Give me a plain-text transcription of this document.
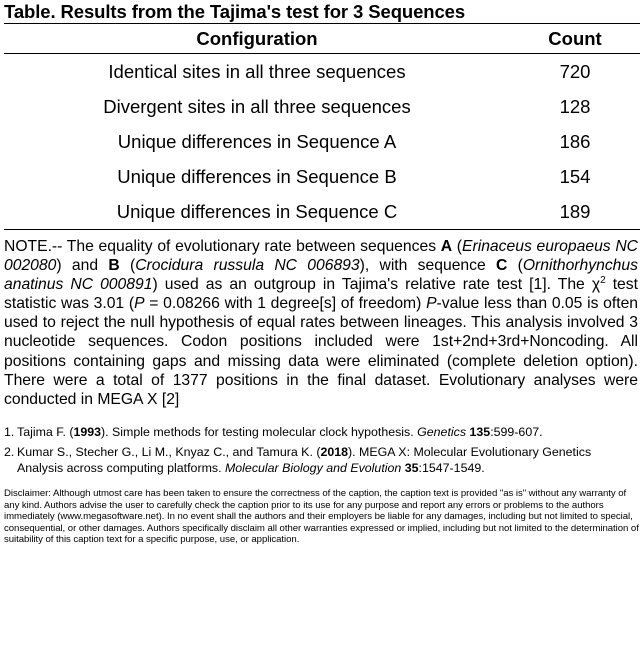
Table. Results from the Tajima's test for 3 Sequences
Configuration	Count
Identical sites in all three sequences	720
Divergent sites in all three sequences	128
Unique differences in Sequence A	186
Unique differences in Sequence B	154
Unique differences in Sequence C	189
NOTE.-- The equality of evolutionary rate between sequences A (Erinaceus europaeus NC 002080) and B (Crocidura russula NC 006893), with sequence C (Ornithorhynchus anatinus NC 000891) used as an outgroup in Tajima's relative rate test [1]. The $\chi^2$ test statistic was 3.01 (P = 0.08266 with 1 degree[s] of freedom) P-value less than 0.05 is often used to reject the null hypothesis of equal rates between lineages. This analysis involved 3 nucleotide sequences. Codon positions included were 1st+2nd+3rd+Noncoding. All positions containing gaps and missing data were eliminated (complete deletion option). There were a total of 1377 positions in the final dataset. Evolutionary analyses were conducted in MEGA X [2]
1. Tajima F. (1993). Simple methods for testing molecular clock hypothesis. Genetics 135:599-607.
2. Kumar S., Stecher G., Li M., Knyaz C., and Tamura K. (2018). MEGA X: Molecular Evolutionary Genetics Analysis across computing platforms. Molecular Biology and Evolution 35:1547-1549.
Disclaimer: Although utmost care has been taken to ensure the correctness of the caption, the caption text is provided "as is" without any warranty of any kind. Authors advise the user to carefully check the caption prior to its use for any purpose and report any errors or problems to the authors immediately (www.megasoftware.net). In no event shall the authors and their employers be liable for any damages, including but not limited to special, consequential, or other damages. Authors specifically disclaim all other warranties expressed or implied, including but not limited to the determination of suitability of this caption text for a specific purpose, use, or application.
